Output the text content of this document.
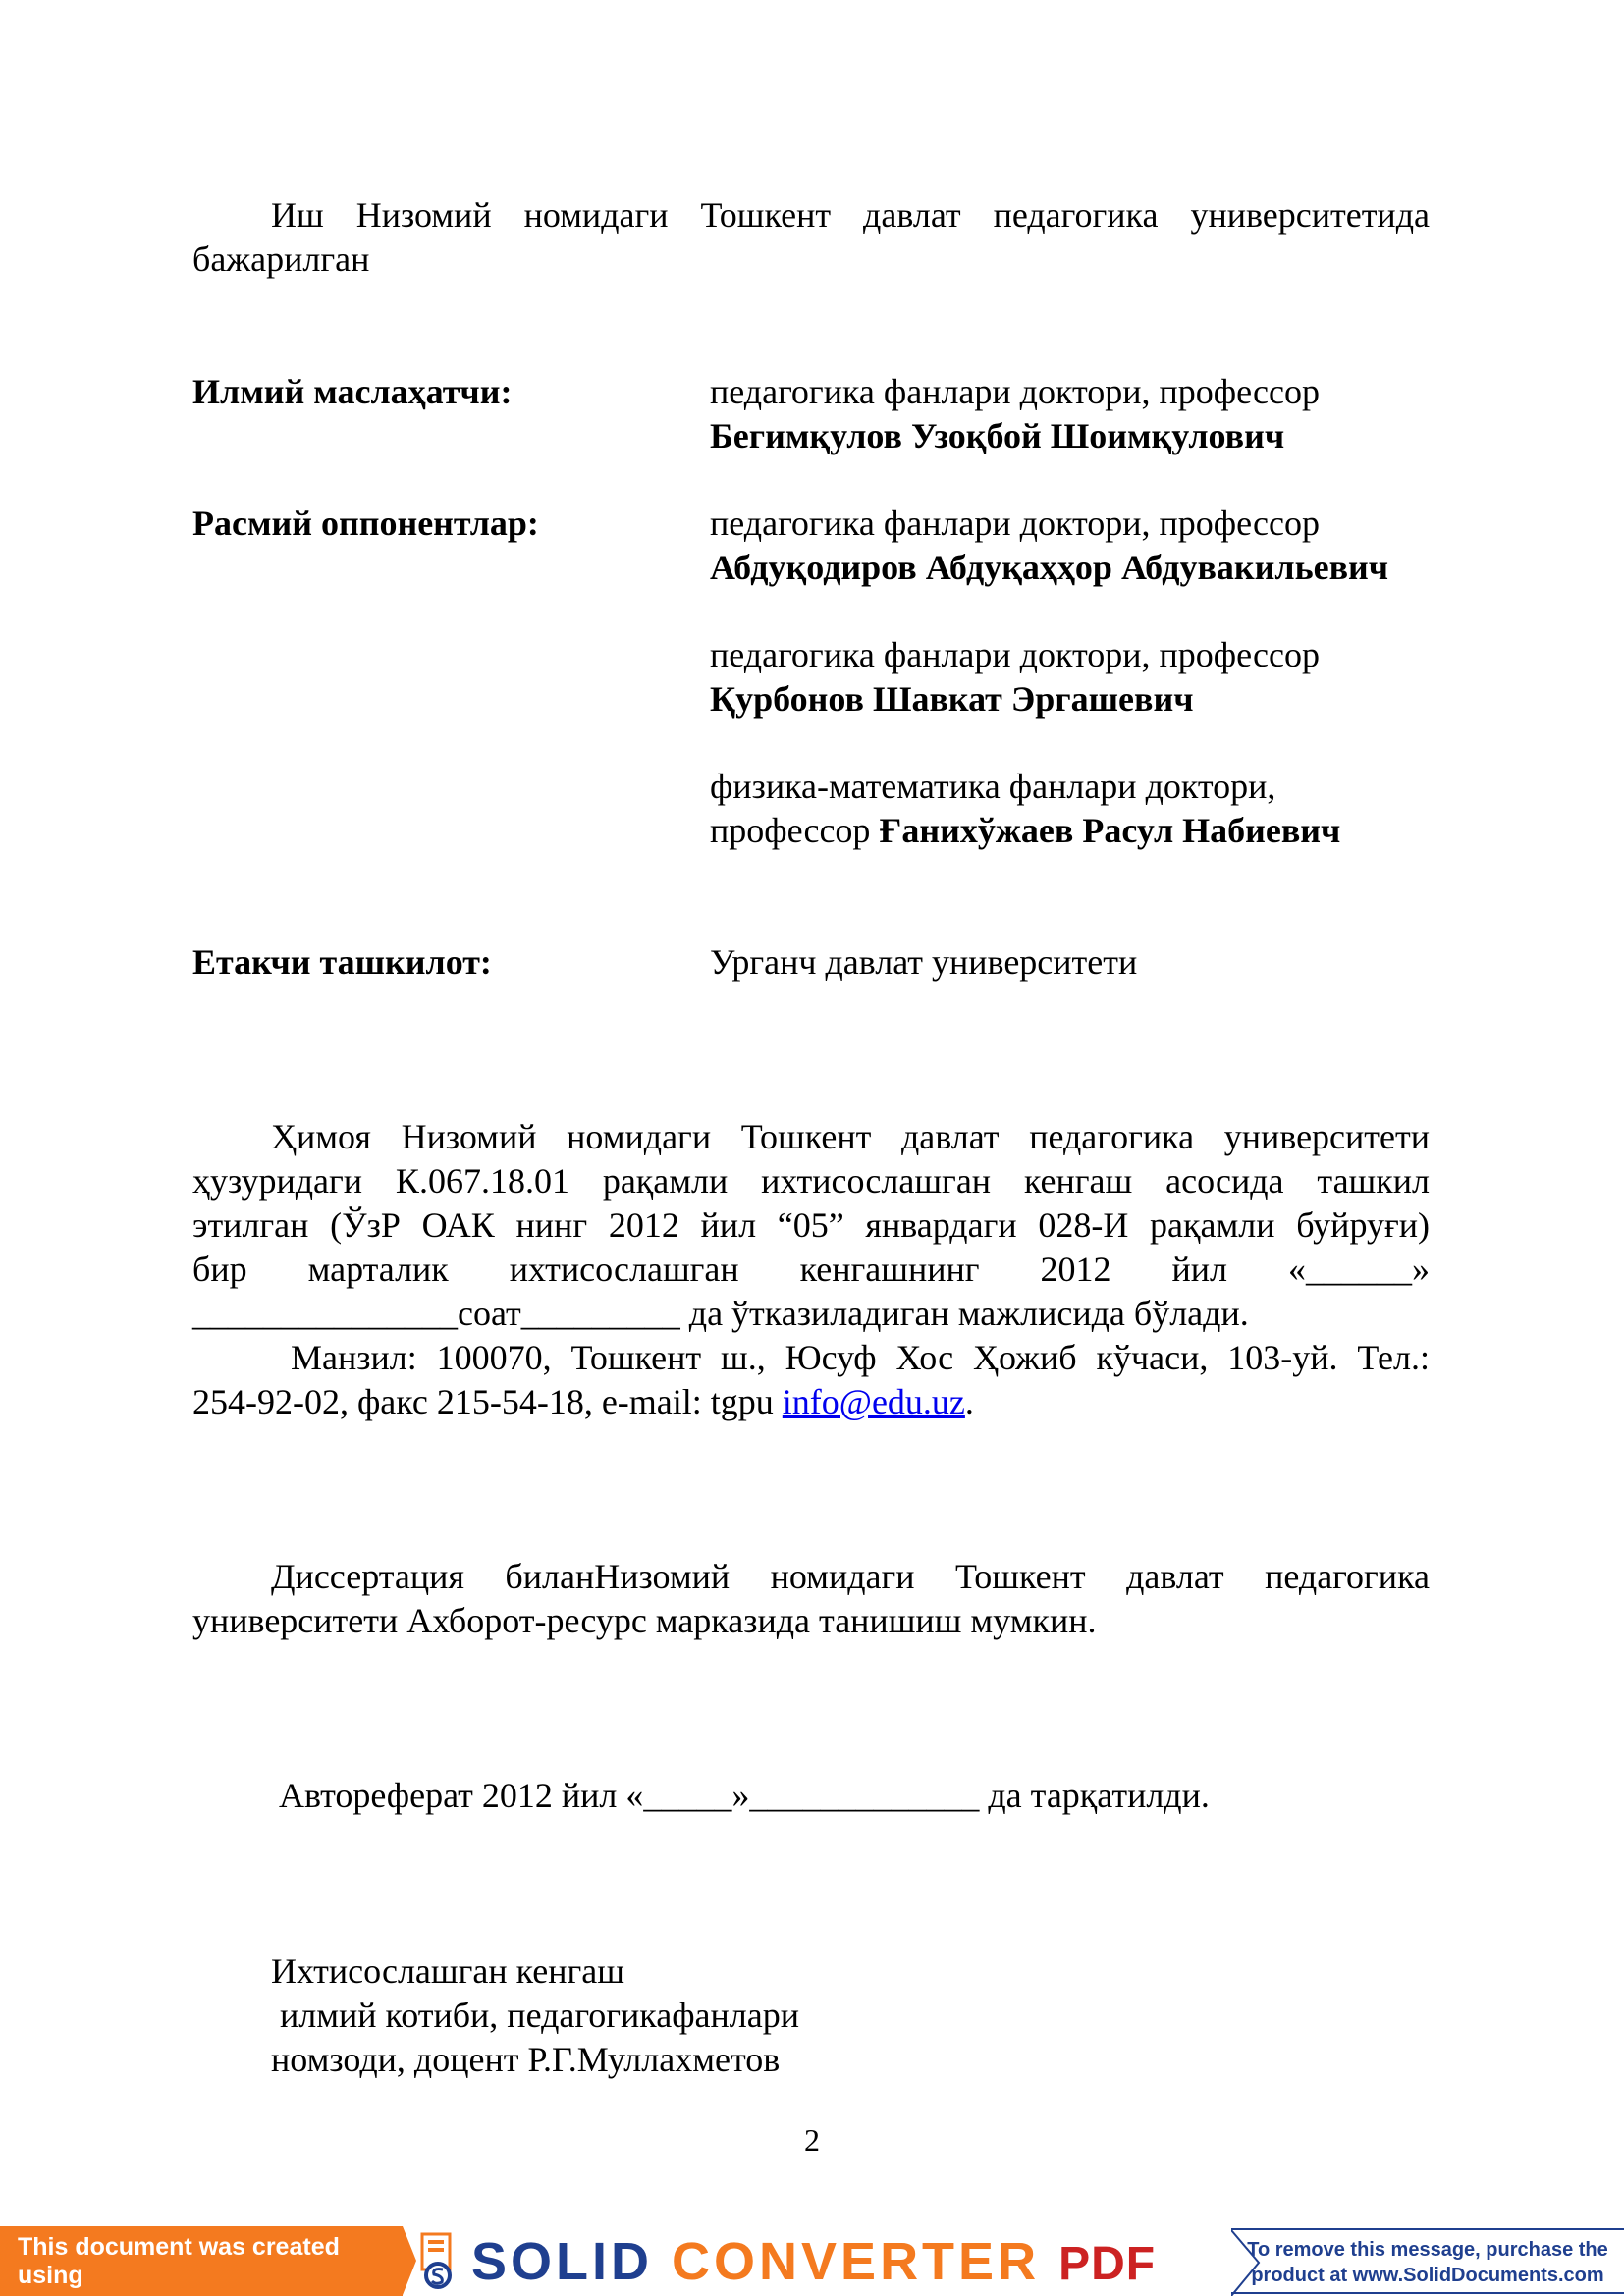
Иш Низомий номидаги Тошкент давлат педагогика университетида
бажарилган
Илмий маслаҳатчи:	педагогика фанлари доктори, профессор
Бегимқулов Узоқбой Шоимқулович
Расмий оппонентлар:	педагогика фанлари доктори, профессор
Абдуқодиров Абдуқаҳҳор Абдувакильевич
педагогика фанлари доктори, профессор
Қурбонов Шавкат Эргашевич
физика-математика фанлари доктори,
профессор Ғанихўжаев Расул Набиевич
Етакчи ташкилот:	Урганч давлат университети
Ҳимоя Низомий номидаги Тошкент давлат педагогика университети
ҳузуридаги К.067.18.01 рақамли ихтисослашган кенгаш асосида ташкил
этилган (ЎзР ОАК нинг 2012 йил “05” январдаги 028-И рақамли буйруғи)
бир марталик ихтисослашган кенгашнинг 2012 йил «______»
_______________соат_________ да ўтказиладиган мажлисида бўлади.
Манзил: 100070, Тошкент ш., Юсуф Хос Ҳожиб кўчаси, 103-уй. Тел.:
254-92-02, факс 215-54-18, e-mail: tgpu info@edu.uz.
Диссертация биланНизомий номидаги Тошкент давлат педагогика
университети Ахборот-ресурс марказида танишиш мумкин.
Автореферат 2012 йил «_____»_____________ да тарқатилди.
Ихтисослашган кенгаш
илмий котиби, педагогикафанлари
номзоди, доцент Р.Г.Муллахметов
2
This document was created using	SOLID CONVERTER PDF	To remove this message, purchase the
product at www.SolidDocuments.com
